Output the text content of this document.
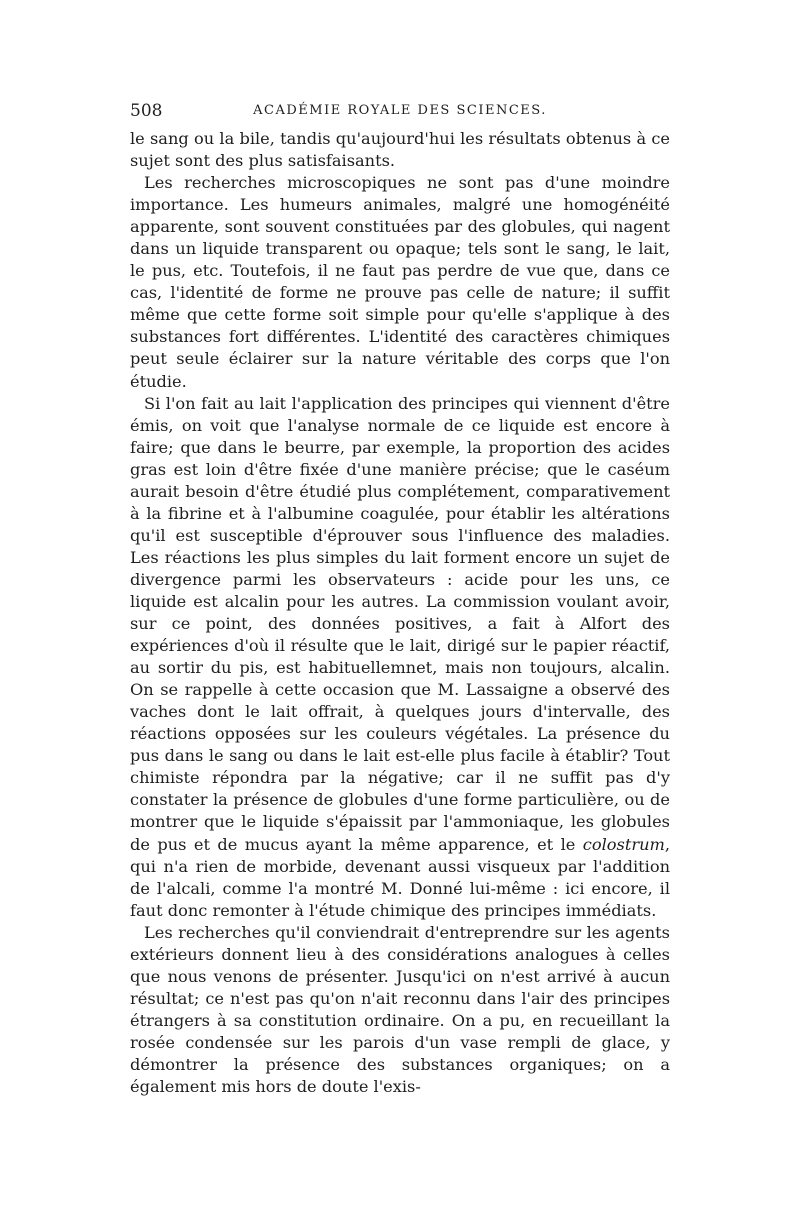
508	ACADÉMIE ROYALE DES SCIENCES.

le sang ou la bile, tandis qu'aujourd'hui les résultats obtenus à ce sujet sont des plus satisfaisants.

Les recherches microscopiques ne sont pas d'une moindre importance. Les humeurs animales, malgré une homogénéité apparente, sont souvent constituées par des globules, qui nagent dans un liquide transparent ou opaque; tels sont le sang, le lait, le pus, etc. Toutefois, il ne faut pas perdre de vue que, dans ce cas, l'identité de forme ne prouve pas celle de nature; il suffit même que cette forme soit simple pour qu'elle s'applique à des substances fort différentes. L'identité des caractères chimiques peut seule éclairer sur la nature véritable des corps que l'on étudie.

Si l'on fait au lait l'application des principes qui viennent d'être émis, on voit que l'analyse normale de ce liquide est encore à faire; que dans le beurre, par exemple, la proportion des acides gras est loin d'être fixée d'une manière précise; que le caséum aurait besoin d'être étudié plus complétement, comparativement à la fibrine et à l'albumine coagulée, pour établir les altérations qu'il est susceptible d'éprouver sous l'influence des maladies. Les réactions les plus simples du lait forment encore un sujet de divergence parmi les observateurs : acide pour les uns, ce liquide est alcalin pour les autres. La commission voulant avoir, sur ce point, des données positives, a fait à Alfort des expériences d'où il résulte que le lait, dirigé sur le papier réactif, au sortir du pis, est habituellemnet, mais non toujours, alcalin. On se rappelle à cette occasion que M. Lassaigne a observé des vaches dont le lait offrait, à quelques jours d'intervalle, des réactions opposées sur les couleurs végétales. La présence du pus dans le sang ou dans le lait est-elle plus facile à établir? Tout chimiste répondra par la négative; car il ne suffit pas d'y constater la présence de globules d'une forme particulière, ou de montrer que le liquide s'épaissit par l'ammoniaque, les globules de pus et de mucus ayant la même apparence, et le colostrum, qui n'a rien de morbide, devenant aussi visqueux par l'addition de l'alcali, comme l'a montré M. Donné lui-même : ici encore, il faut donc remonter à l'étude chimique des principes immédiats.

Les recherches qu'il conviendrait d'entreprendre sur les agents extérieurs donnent lieu à des considérations analogues à celles que nous venons de présenter. Jusqu'ici on n'est arrivé à aucun résultat; ce n'est pas qu'on n'ait reconnu dans l'air des principes étrangers à sa constitution ordinaire. On a pu, en recueillant la rosée condensée sur les parois d'un vase rempli de glace, y démontrer la présence des substances organiques; on a également mis hors de doute l'exis-
